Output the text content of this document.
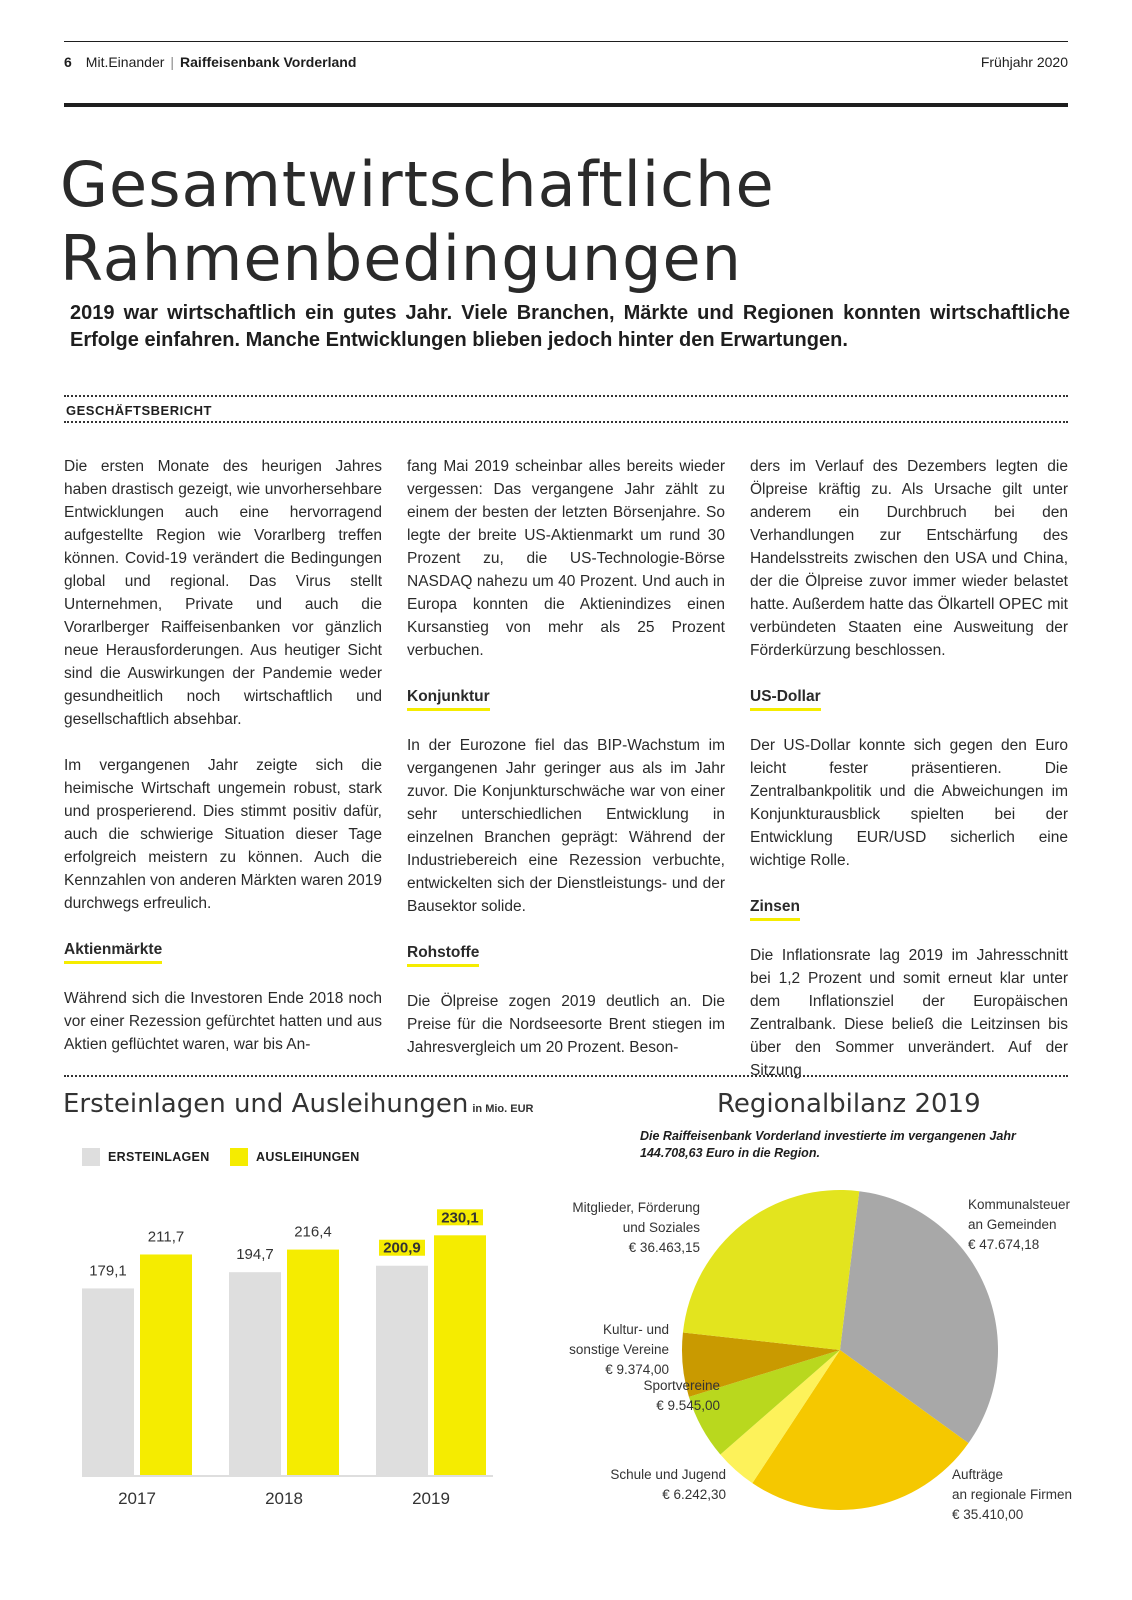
6 Mit.Einander | Raiffeisenbank Vorderland	Frühjahr 2020
Gesamtwirtschaftliche
Rahmenbedingungen
2019 war wirtschaftlich ein gutes Jahr. Viele Branchen, Märkte und Regionen konnten wirtschaftliche Erfolge einfahren. Manche Entwicklungen blieben jedoch hinter den Erwartungen.
GESCHÄFTSBERICHT

Die ersten Monate des heurigen Jahres haben drastisch gezeigt, wie unvorhersehbare Entwicklungen auch eine hervorragend aufgestellte Region wie Vorarlberg treffen können. Covid-19 verändert die Bedingungen global und regional. Das Virus stellt Unternehmen, Private und auch die Vorarlberger Raiffeisenbanken vor gänzlich neue Herausforderungen. Aus heutiger Sicht sind die Auswirkungen der Pandemie weder gesundheitlich noch wirtschaftlich und gesellschaftlich absehbar.

Im vergangenen Jahr zeigte sich die heimische Wirtschaft ungemein robust, stark und prosperierend. Dies stimmt positiv dafür, auch die schwierige Situation dieser Tage erfolgreich meistern zu können. Auch die Kennzahlen von anderen Märkten waren 2019 durchwegs erfreulich.

Aktienmärkte

Während sich die Investoren Ende 2018 noch vor einer Rezession gefürchtet hatten und aus Aktien geflüchtet waren, war bis An-

fang Mai 2019 scheinbar alles bereits wieder vergessen: Das vergangene Jahr zählt zu einem der besten der letzten Börsenjahre. So legte der breite US-Aktienmarkt um rund 30 Prozent zu, die US-Technologie-Börse NASDAQ nahezu um 40 Prozent. Und auch in Europa konnten die Aktienindizes einen Kursanstieg von mehr als 25 Prozent verbuchen.

Konjunktur

In der Eurozone fiel das BIP-Wachstum im vergangenen Jahr geringer aus als im Jahr zuvor. Die Konjunkturschwäche war von einer sehr unterschiedlichen Entwicklung in einzelnen Branchen geprägt: Während der Industriebereich eine Rezession verbuchte, entwickelten sich der Dienstleistungs- und der Bausektor solide.

Rohstoffe

Die Ölpreise zogen 2019 deutlich an. Die Preise für die Nordseesorte Brent stiegen im Jahresvergleich um 20 Prozent. Beson-

ders im Verlauf des Dezembers legten die Ölpreise kräftig zu. Als Ursache gilt unter anderem ein Durchbruch bei den Verhandlungen zur Entschärfung des Handelsstreits zwischen den USA und China, der die Ölpreise zuvor immer wieder belastet hatte. Außerdem hatte das Ölkartell OPEC mit verbündeten Staaten eine Ausweitung der Förderkürzung beschlossen.

US-Dollar

Der US-Dollar konnte sich gegen den Euro leicht fester präsentieren. Die Zentralbankpolitik und die Abweichungen im Konjunkturausblick spielten bei der Entwicklung EUR/USD sicherlich eine wichtige Rolle.

Zinsen

Die Inflationsrate lag 2019 im Jahresschnitt bei 1,2 Prozent und somit erneut klar unter dem Inflationsziel der Europäischen Zentralbank. Diese beließ die Leitzinsen bis über den Sommer unverändert. Auf der Sitzung

Ersteinlagen und Ausleihungen in Mio. EUR
ERSTEINLAGEN	AUSLEIHUNGEN
179,1
211,7
2017
194,7
216,4
2018
200,9
230,1
2019
Regionalbilanz 2019
Die Raiffeisenbank Vorderland investierte im vergangenen Jahr 144.708,63 Euro in die Region.
Kommunalsteuer
an Gemeinden
€ 47.674,18
Aufträge
an regionale Firmen
€ 35.410,00
Schule und Jugend
€ 6.242,30
Sportvereine
€ 9.545,00
Kultur- und
sonstige Vereine
€ 9.374,00
Mitglieder, Förderung
und Soziales
€ 36.463,15
